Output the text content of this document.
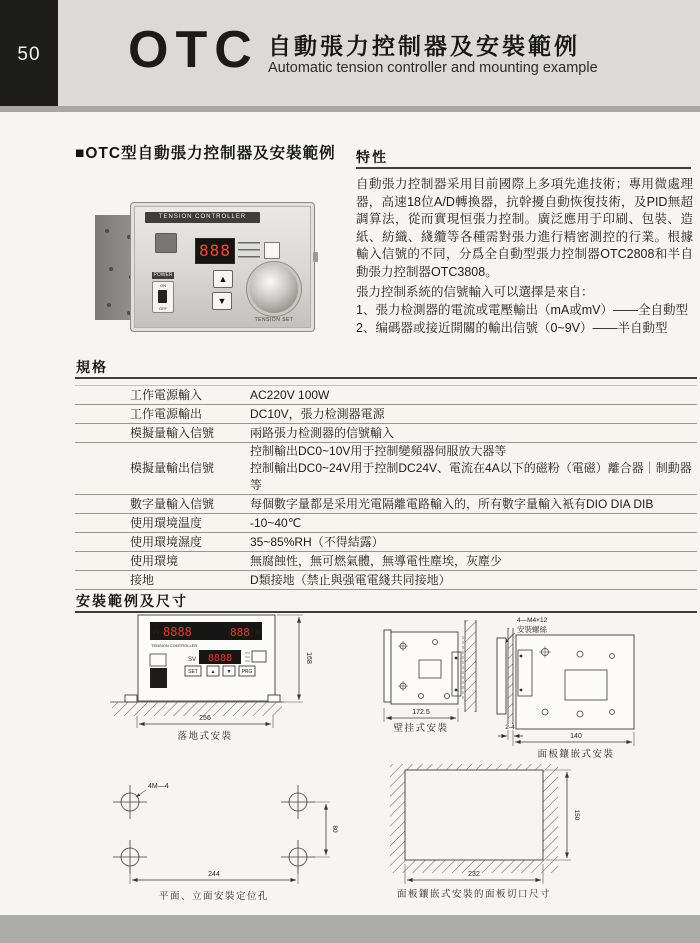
50	OTC 自動張力控制器及安裝範例
Automatic tension controller and mounting example
■OTC型自動張力控制器及安裝範例
TENSION CONTROLLER
888
POWER
ON
OFF
▲
▼
TENSION SET
特性

自動張力控制器采用目前國際上多項先進技術；專用微處理器，高速18位A/D轉換器，抗幹擾自動恢復技術，及PID無超調算法，從而實現恒張力控制。廣泛應用于印刷、包裝、造紙、紡織、綫纜等各種需對張力進行精密測控的行業。根據輸入信號的不同，分爲全自動型張力控制器OTC2808和半自動張力控制器OTC3808。

張力控制系統的信號輸入可以選擇是來自：
1、張力检測器的電流或電壓輸出（mA或mV）——全自動型
2、编碼器或接近開關的輸出信號（0~9V）——半自動型
規格
工作電源輸入	AC220V 100W
工作電源輸出	DC10V，張力检測器電源
模擬量輸入信號	兩路張力检測器的信號輸入
模擬量輸出信號
控制輸出DC0~10V用于控制變頻器伺服放大器等
控制輸出DC0~24V用于控制DC24V、電流在4A以下的磁粉（電磁）離合器｜制動器等
數字量輸入信號	每個數字量都是采用光電隔離電路輸入的，所有數字量輸入衹有DIO DIA DIB
使用環境温度	-10~40℃
使用環境濕度	35~85%RH（不得結露）
使用環境	無腐蝕性，無可燃氣體，無導電性塵埃，灰塵少
接地	D類接地（禁止與强電電綫共同接地）
安裝範例及尺寸
PV 8888	888 %
TENSION CONTROLLER
SV 8888
SET	▲ ▼ PRG
168
256
落地式安裝
172.5
壁挂式安裝
4—M4×12
安裝螺絲
2-4
140
面板鑲嵌式安裝
4M—4
80
244
平面、立面安裝定位孔
150
232
面板鑲嵌式安裝的面板切口尺寸
